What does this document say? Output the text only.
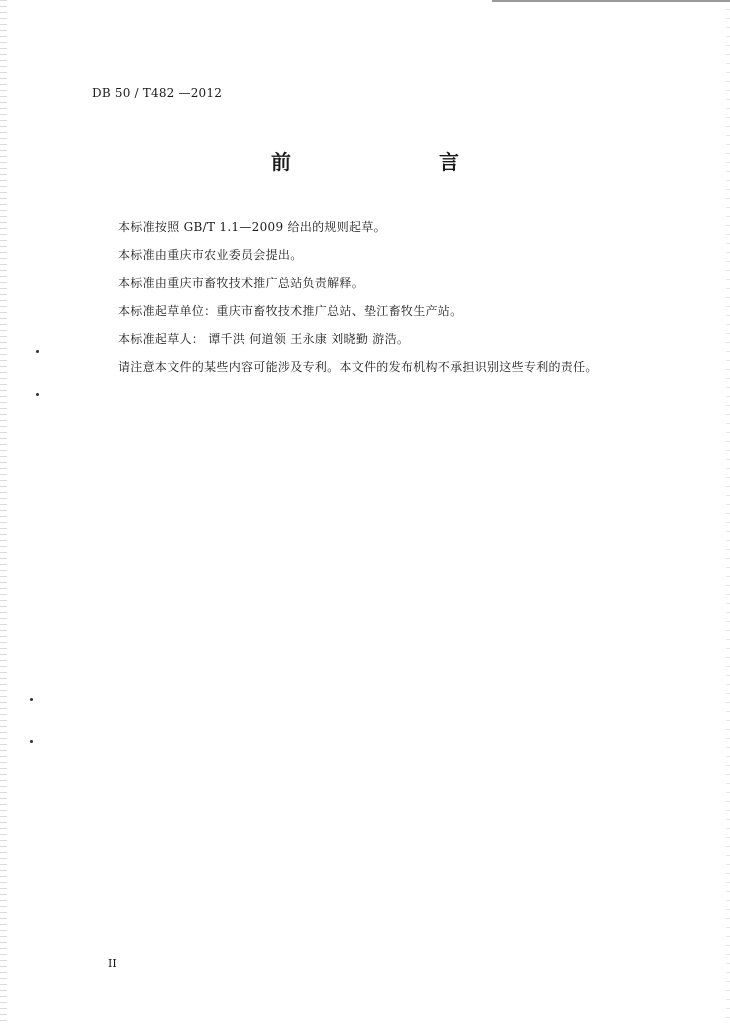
DB 50 / T482 —2012
前　　言
本标准按照 GB/T 1.1—2009 给出的规则起草。
本标准由重庆市农业委员会提出。
本标准由重庆市畜牧技术推广总站负责解释。
本标准起草单位：重庆市畜牧技术推广总站、垫江畜牧生产站。
本标准起草人： 谭千洪 何道领 王永康 刘晓勤 游浩。
请注意本文件的某些内容可能涉及专利。本文件的发布机构不承担识别这些专利的责任。
II
